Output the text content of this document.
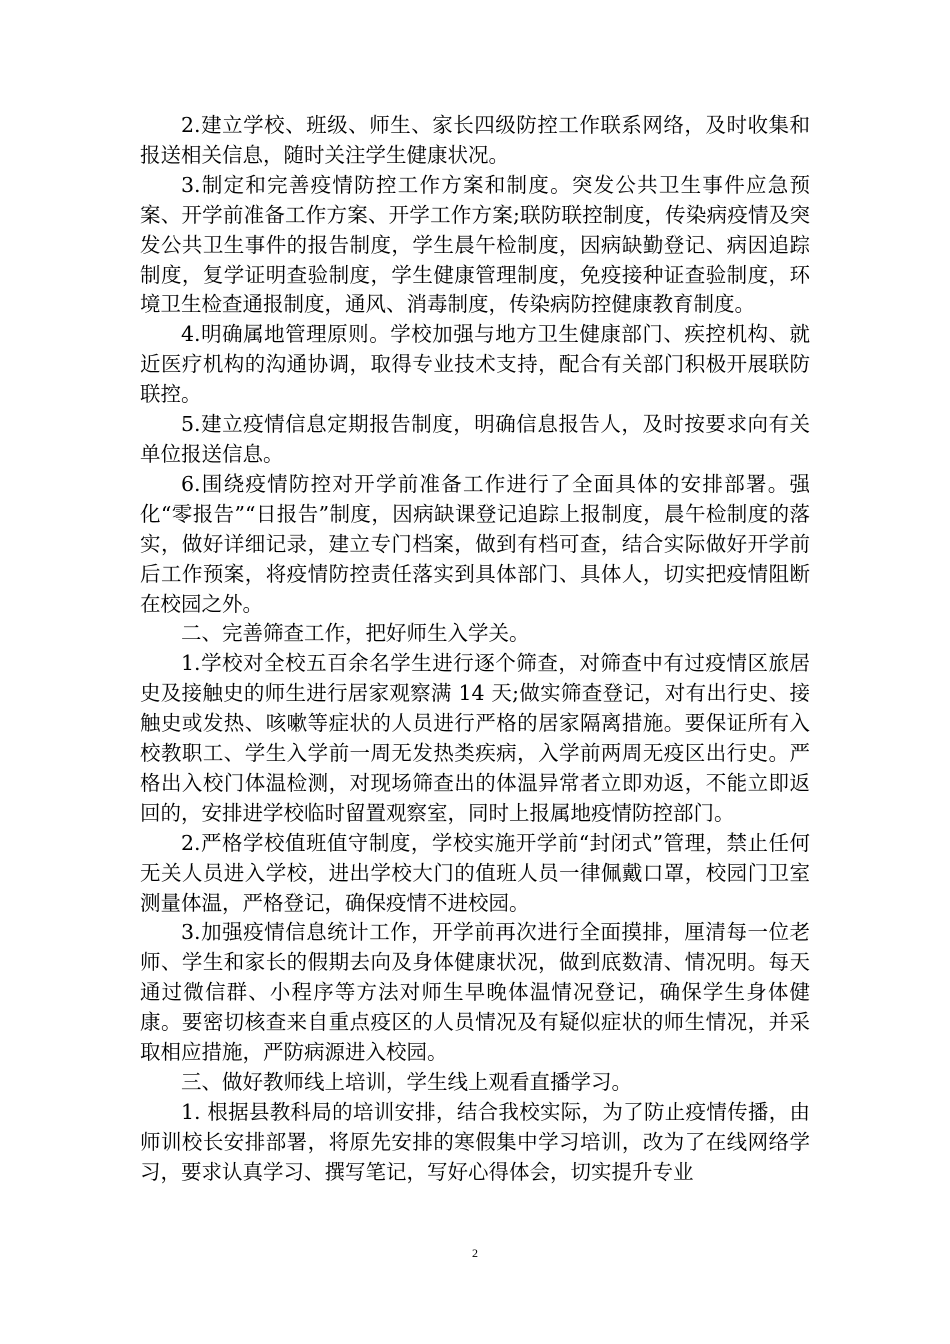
2.建立学校、班级、师生、家长四级防控工作联系网络，及时收集和报送相关信息，随时关注学生健康状况。

3.制定和完善疫情防控工作方案和制度。突发公共卫生事件应急预案、开学前准备工作方案、开学工作方案;联防联控制度，传染病疫情及突发公共卫生事件的报告制度，学生晨午检制度，因病缺勤登记、病因追踪制度，复学证明查验制度，学生健康管理制度，免疫接种证查验制度，环境卫生检查通报制度，通风、消毒制度，传染病防控健康教育制度。

4.明确属地管理原则。学校加强与地方卫生健康部门、疾控机构、就近医疗机构的沟通协调，取得专业技术支持，配合有关部门积极开展联防联控。

5.建立疫情信息定期报告制度，明确信息报告人，及时按要求向有关单位报送信息。

6.围绕疫情防控对开学前准备工作进行了全面具体的安排部署。强化“零报告”“日报告”制度，因病缺课登记追踪上报制度，晨午检制度的落实，做好详细记录，建立专门档案，做到有档可查，结合实际做好开学前后工作预案，将疫情防控责任落实到具体部门、具体人，切实把疫情阻断在校园之外。

二、完善筛查工作，把好师生入学关。

1.学校对全校五百余名学生进行逐个筛查，对筛查中有过疫情区旅居史及接触史的师生进行居家观察满 14 天;做实筛查登记，对有出行史、接触史或发热、咳嗽等症状的人员进行严格的居家隔离措施。要保证所有入校教职工、学生入学前一周无发热类疾病，入学前两周无疫区出行史。严格出入校门体温检测，对现场筛查出的体温异常者立即劝返，不能立即返回的，安排进学校临时留置观察室，同时上报属地疫情防控部门。

2.严格学校值班值守制度，学校实施开学前“封闭式”管理，禁止任何无关人员进入学校，进出学校大门的值班人员一律佩戴口罩，校园门卫室测量体温，严格登记，确保疫情不进校园。

3.加强疫情信息统计工作，开学前再次进行全面摸排，厘清每一位老师、学生和家长的假期去向及身体健康状况，做到底数清、情况明。每天通过微信群、小程序等方法对师生早晚体温情况登记，确保学生身体健康。要密切核查来自重点疫区的人员情况及有疑似症状的师生情况，并采取相应措施，严防病源进入校园。

三、做好教师线上培训，学生线上观看直播学习。

1. 根据县教科局的培训安排，结合我校实际，为了防止疫情传播，由师训校长安排部署，将原先安排的寒假集中学习培训，改为了在线网络学习，要求认真学习、撰写笔记，写好心得体会，切实提升专业

2
